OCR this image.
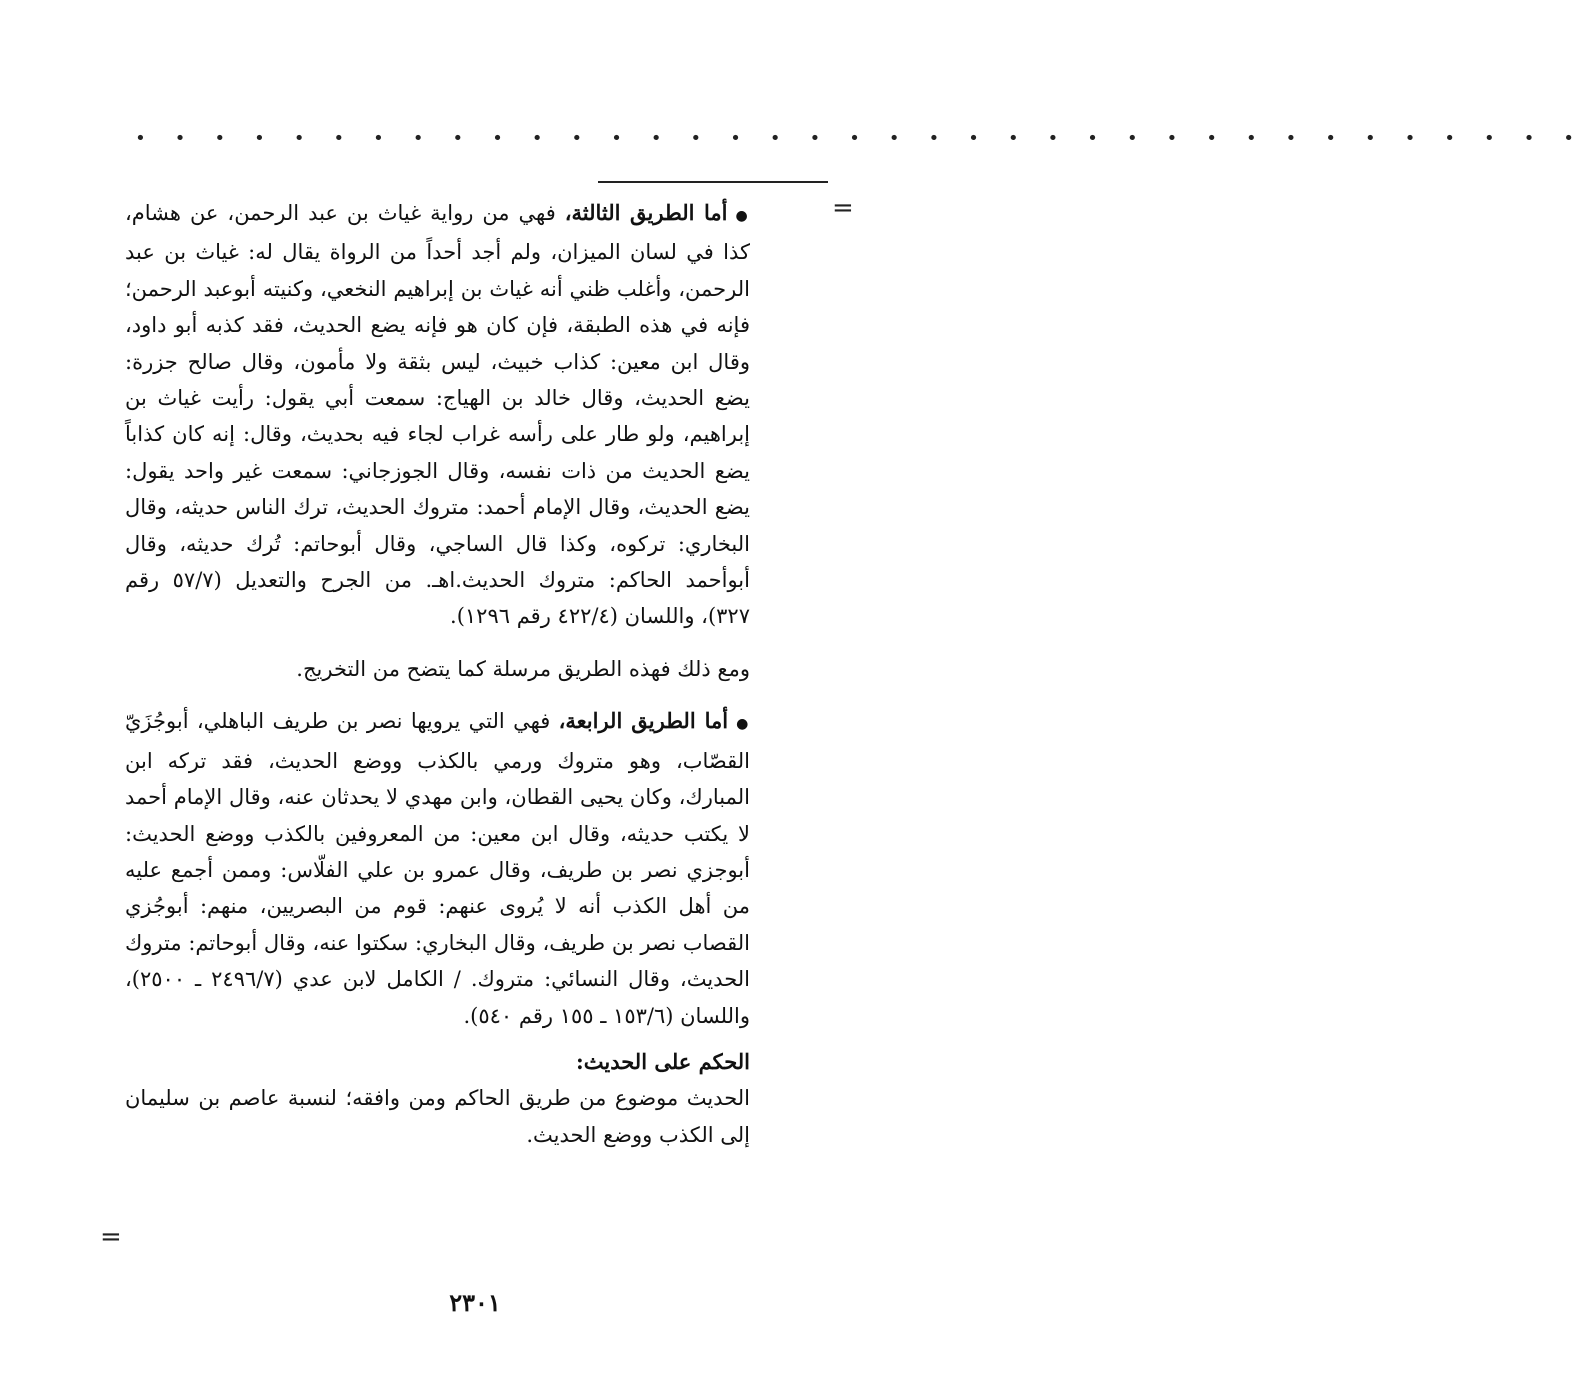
• • • • • • • • • • • • • • • • • • • • • • • • • • • • • • • • • • • • •
=

●أما الطريق الثالثة، فهي من رواية غياث بن عبد الرحمن، عن هشام، كذا في لسان الميزان، ولم أجد أحداً من الرواة يقال له: غياث بن عبد الرحمن، وأغلب ظني أنه غياث بن إبراهيم النخعي، وكنيته أبوعبد الرحمن؛ فإنه في هذه الطبقة، فإن كان هو فإنه يضع الحديث، فقد كذبه أبو داود، وقال ابن معين: كذاب خبيث، ليس بثقة ولا مأمون، وقال صالح جزرة: يضع الحديث، وقال خالد بن الهياج: سمعت أبي يقول: رأيت غياث بن إبراهيم، ولو طار على رأسه غراب لجاء فيه بحديث، وقال: إنه كان كذاباً يضع الحديث من ذات نفسه، وقال الجوزجاني: سمعت غير واحد يقول: يضع الحديث، وقال الإمام أحمد: متروك الحديث، ترك الناس حديثه، وقال البخاري: تركوه، وكذا قال الساجي، وقال أبوحاتم: تُرك حديثه، وقال أبوأحمد الحاكم: متروك الحديث.اهـ. من الجرح والتعديل (٥٧/٧ رقم ٣٢٧)، واللسان (٤٢٢/٤ رقم ١٢٩٦).

ومع ذلك فهذه الطريق مرسلة كما يتضح من التخريج.

●أما الطريق الرابعة، فهي التي يرويها نصر بن طريف الباهلي، أبوجُزَيّ القصّاب، وهو متروك ورمي بالكذب ووضع الحديث، فقد تركه ابن المبارك، وكان يحيى القطان، وابن مهدي لا يحدثان عنه، وقال الإمام أحمد لا يكتب حديثه، وقال ابن معين: من المعروفين بالكذب ووضع الحديث: أبوجزي نصر بن طريف، وقال عمرو بن علي الفلّاس: وممن أجمع عليه من أهل الكذب أنه لا يُروى عنهم: قوم من البصريين، منهم: أبوجُزي القصاب نصر بن طريف، وقال البخاري: سكتوا عنه، وقال أبوحاتم: متروك الحديث، وقال النسائي: متروك. / الكامل لابن عدي (٢٤٩٦/٧ ـ ٢٥٠٠)، واللسان (١٥٣/٦ ـ ١٥٥ رقم ٥٤٠).

الحكم على الحديث:

الحديث موضوع من طريق الحاكم ومن وافقه؛ لنسبة عاصم بن سليمان إلى الكذب ووضع الحديث.

=
٢٣٠١
